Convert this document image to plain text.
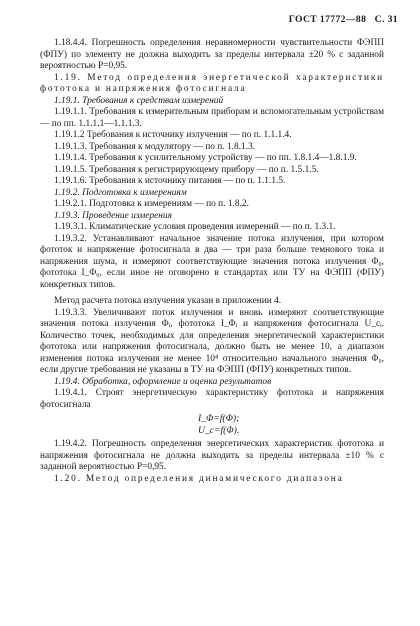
ГОСТ 17772—88 С. 31

1.18.4.4. Погрешность определения неравномерности чувствительности ФЭПП (ФПУ) по элементу не должна выходить за пределы интервала ±20 % с заданной вероятностью P=0,95.

1.19. Метод определения энергетической характеристики фототока и напряжения фотосигнала

1.19.1. Требования к средствам измерений

1.19.1.1. Требования к измерительным приборам и вспомогательным устройствам — по пп. 1.1.1.1—1.1.1.3.

1.19.1.2 Требования к источнику излучения — по п. 1.1.1.4.

1.19.1.3. Требования к модулятору — по п. 1.8.1.3.

1.19.1.4. Требования к усилительному устройству — по пп. 1.8.1.4—1.8.1.9.

1.19.1.5. Требования к регистрирующему прибору — по п. 1.5.1.5.

1.19.1.6. Требования к источнику питания — по п. 1.1.1.5.

1.19.2. Подготовка к измерениям

1.19.2.1. Подготовка к измерениям — по п. 1.8.2.

1.19.3. Проведение измерения

1.19.3.1. Климатические условия проведения измерений — по п. 1.3.1.

1.19.3.2. Устанавливают начальное значение потока излучения, при котором фототок и напряжение фотосигнала в два — три раза больше темнового тока и напряжения шума, и измеряют соответствующие значения потока излучения Φ₀, фототока I_Φ₀, если иное не оговорено в стандартах или ТУ на ФЭПП (ФПУ) конкретных типов.

Метод расчета потока излучения указан в приложении 4.

1.19.3.3. Увеличивают поток излучения и вновь измеряют соответствующие значения потока излучения Φᵢ, фототока I_Φᵢ и напряжения фотосигнала U_сᵢ. Количество точек, необходимых для определения энергетической характеристики фототока или напряжения фотосигнала, должно быть не менее 10, а диапазон изменения потока излучения не менее 10⁴ относительно начального значения Φ₀, если другие требования не указаны в ТУ на ФЭПП (ФПУ) конкретных типов.

1.19.4. Обработка, оформление и оценка результатов

1.19.4.1. Строят энергетическую характеристику фототока и напряжения фотосигнала

I_Φ=f(Φ);
U_c=f(Φ).

1.19.4.2. Погрешность определения энергетических характеристик фототока и напряжения фотосигнала не должна выходить за пределы интервала ±10 % с заданной вероятностью P=0,95.

1.20. Метод определения динамического диапазона
